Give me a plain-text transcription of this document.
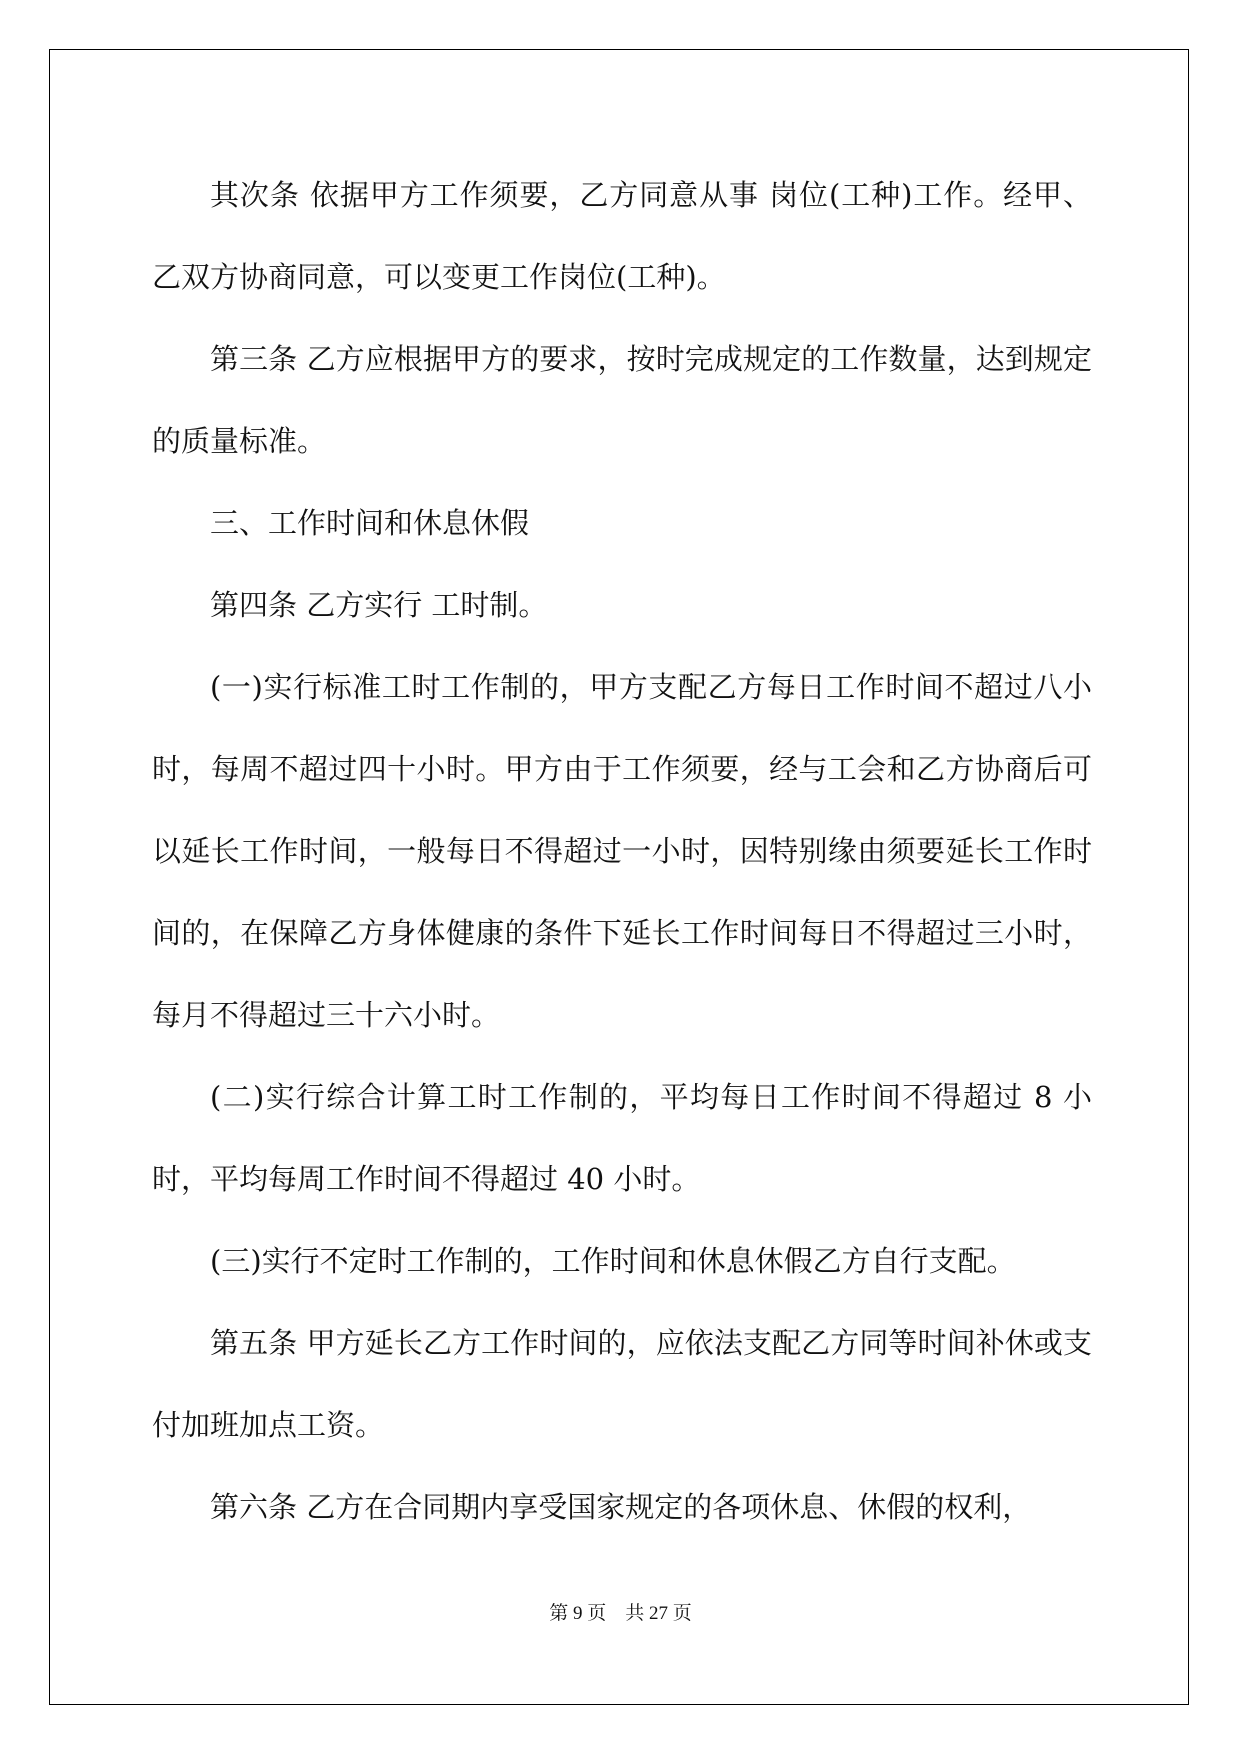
其次条 依据甲方工作须要，乙方同意从事 岗位(工种)工作。经甲、乙双方协商同意，可以变更工作岗位(工种)。

第三条 乙方应根据甲方的要求，按时完成规定的工作数量，达到规定的质量标准。

三、工作时间和休息休假

第四条 乙方实行 工时制。

(一)实行标准工时工作制的，甲方支配乙方每日工作时间不超过八小时，每周不超过四十小时。甲方由于工作须要，经与工会和乙方协商后可以延长工作时间，一般每日不得超过一小时，因特别缘由须要延长工作时间的，在保障乙方身体健康的条件下延长工作时间每日不得超过三小时，每月不得超过三十六小时。

(二)实行综合计算工时工作制的，平均每日工作时间不得超过 8 小时，平均每周工作时间不得超过 40 小时。

(三)实行不定时工作制的，工作时间和休息休假乙方自行支配。

第五条 甲方延长乙方工作时间的，应依法支配乙方同等时间补休或支付加班加点工资。

第六条 乙方在合同期内享受国家规定的各项休息、休假的权利，

第 9 页　共 27 页
